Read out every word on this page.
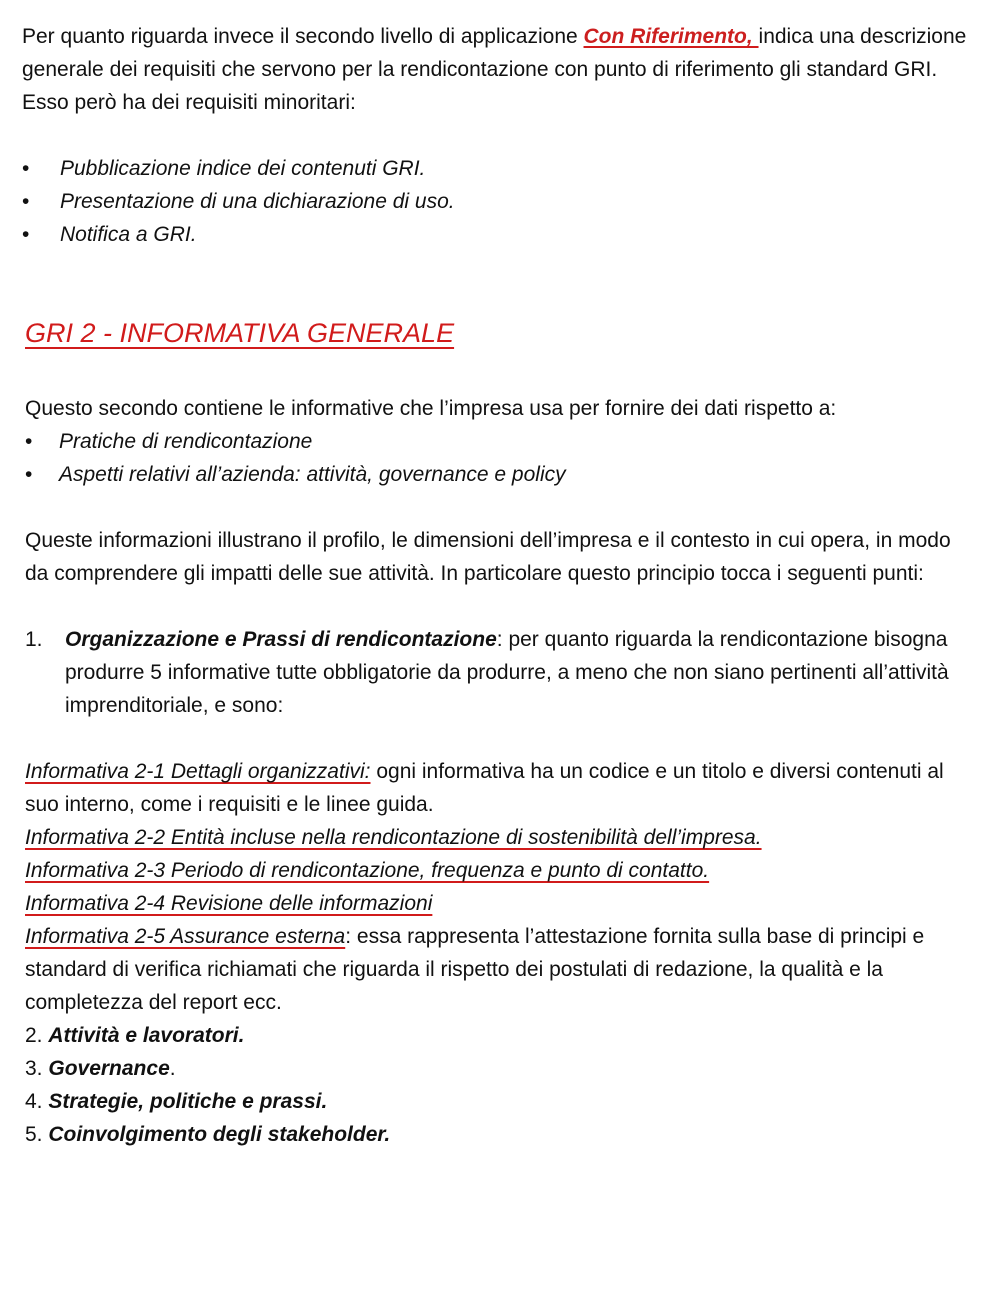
Per quanto riguarda invece il secondo livello di applicazione Con Riferimento, indica una descrizione generale dei requisiti che servono per la rendicontazione con punto di riferimento gli standard GRI. Esso però ha dei requisiti minoritari:

• Pubblicazione indice dei contenuti GRI.
• Presentazione di una dichiarazione di uso.
• Notifica a GRI.
GRI 2 - INFORMATIVA GENERALE

Questo secondo contiene le informative che l’impresa usa per fornire dei dati rispetto a:

• Pratiche di rendicontazione
• Aspetti relativi all’azienda: attività, governance e policy

Queste informazioni illustrano il profilo, le dimensioni dell’impresa e il contesto in cui opera, in modo da comprendere gli impatti delle sue attività. In particolare questo principio tocca i seguenti punti:

1. Organizzazione e Prassi di rendicontazione: per quanto riguarda la rendicontazione bisogna produrre 5 informative tutte obbligatorie da produrre, a meno che non siano pertinenti all’attività imprenditoriale, e sono:

Informativa 2-1 Dettagli organizzativi: ogni informativa ha un codice e un titolo e diversi contenuti al suo interno, come i requisiti e le linee guida.

Informativa 2-2 Entità incluse nella rendicontazione di sostenibilità dell’impresa.

Informativa 2-3 Periodo di rendicontazione, frequenza e punto di contatto.

Informativa 2-4 Revisione delle informazioni

Informativa 2-5 Assurance esterna: essa rappresenta l’attestazione fornita sulla base di principi e standard di verifica richiamati che riguarda il rispetto dei postulati di redazione, la qualità e la completezza del report ecc.

2. Attività e lavoratori.

3. Governance.

4. Strategie, politiche e prassi.

5. Coinvolgimento degli stakeholder.
